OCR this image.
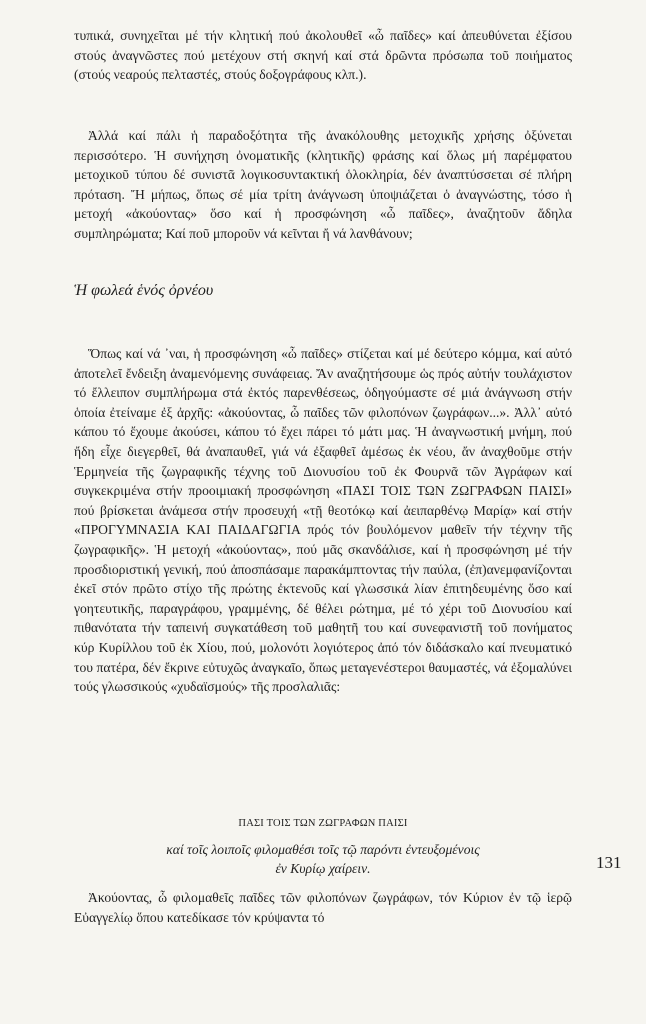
τυπικά, συνηχεῖται μέ τήν κλητική πού ἀκολουθεῖ «ὦ παῖδες» καί ἀπευθύνεται ἐξίσου στούς ἀναγνῶστες πού μετέχουν στή σκηνή καί στά δρῶντα πρόσωπα τοῦ ποιήματος (στούς νεαρούς πελταστές, στούς δοξογράφους κλπ.).

Ἀλλά καί πάλι ἡ παραδοξότητα τῆς ἀνακόλουθης μετοχικῆς χρήσης ὀξύνεται περισσότερο. Ἡ συνήχηση ὀνοματικῆς (κλητικῆς) φράσης καί ὅλως μή παρέμφατου μετοχικοῦ τύπου δέ συνιστᾶ λογικοσυντακτική ὁλοκληρία, δέν ἀναπτύσσεται σέ πλήρη πρόταση. Ἤ μήπως, ὅπως σέ μία τρίτη ἀνάγνωση ὑποψιάζεται ὁ ἀναγνώστης, τόσο ἡ μετοχή «ἀκούοντας» ὅσο καί ἡ προσφώνηση «ὦ παῖδες», ἀναζητοῦν ἄδηλα συμπληρώματα; Καί ποῦ μποροῦν νά κεῖνται ἤ νά λανθάνουν;

Ἡ φωλεά ἑνός ὀρνέου

Ὅπως καί νά ᾽ναι, ἡ προσφώνηση «ὦ παῖδες» στίζεται καί μέ δεύτερο κόμμα, καί αὐτό ἀποτελεῖ ἔνδειξη ἀναμενόμενης συνάφειας. Ἄν αναζητήσουμε ὡς πρός αὐτήν τουλάχιστον τό ἔλλειπον συμπλήρωμα στά ἐκτός παρενθέσεως, ὁδηγούμαστε σέ μιά ἀνάγνωση στήν ὁποία ἐτείναμε ἐξ ἀρχῆς: «ἀκούοντας, ὦ παῖδες τῶν φιλοπόνων ζωγράφων...». Ἀλλ᾽ αὐτό κάπου τό ἔχουμε ἀκούσει, κάπου τό ἔχει πάρει τό μάτι μας. Ἡ ἀναγνωστική μνήμη, πού ἤδη εἶχε διεγερθεῖ, θά ἀναπαυθεῖ, γιά νά ἐξαφθεῖ ἀμέσως ἐκ νέου, ἄν ἀναχθοῦμε στήν Ἑρμηνεία τῆς ζωγραφικῆς τέχνης τοῦ Διονυσίου τοῦ ἐκ Φουρνᾶ τῶν Ἀγράφων καί συγκεκριμένα στήν προοιμιακή προσφώνηση «ΠΑΣΙ ΤΟΙΣ ΤΩΝ ΖΩΓΡΑΦΩΝ ΠΑΙΣΙ» πού βρίσκεται ἀνάμεσα στήν προσευχή «τῇ θεοτόκῳ καί ἀειπαρθένῳ Μαρίᾳ» καί στήν «ΠΡΟΓΥΜΝΑΣΙΑ ΚΑΙ ΠΑΙΔΑΓΩΓΙΑ πρός τόν βουλόμενον μαθεῖν τήν τέχνην τῆς ζωγραφικῆς». Ἡ μετοχή «ἀκούοντας», πού μᾶς σκανδάλισε, καί ἡ προσφώνηση μέ τήν προσδιοριστική γενική, πού ἀποσπάσαμε παρακάμπτοντας τήν παύλα, (ἐπ)ανεμφανίζονται ἐκεῖ στόν πρῶτο στίχο τῆς πρώτης ἐκτενοῦς καί γλωσσικά λίαν ἐπιτηδευμένης ὅσο καί γοητευτικῆς, παραγράφου, γραμμένης, δέ θέλει ρώτημα, μέ τό χέρι τοῦ Διονυσίου καί πιθανότατα τήν ταπεινή συγκατάθεση τοῦ μαθητῆ του καί συνεφανιστῆ τοῦ πονήματος κύρ Κυρίλλου τοῦ ἐκ Χίου, πού, μολονότι λογιότερος ἀπό τόν διδάσκαλο καί πνευματικό του πατέρα, δέν ἔκρινε εὐτυχῶς ἀναγκαῖο, ὅπως μεταγενέστεροι θαυμαστές, νά ἐξομαλύνει τούς γλωσσικούς «χυδαϊσμούς» τῆς προσλαλιᾶς:

ΠΑΣΙ ΤΟΙΣ ΤΩΝ ΖΩΓΡΑΦΩΝ ΠΑΙΣΙ

καί τοῖς λοιποῖς φιλομαθέσι τοῖς τῷ παρόντι ἐντευξομένοις

ἐν Κυρίῳ χαίρειν.	131

Ἀκούοντας, ὦ φιλομαθεῖς παῖδες τῶν φιλοπόνων ζωγράφων, τόν Κύριον ἐν τῷ ἱερῷ Εὐαγγελίῳ ὅπου κατεδίκασε τόν κρύψαντα τό
